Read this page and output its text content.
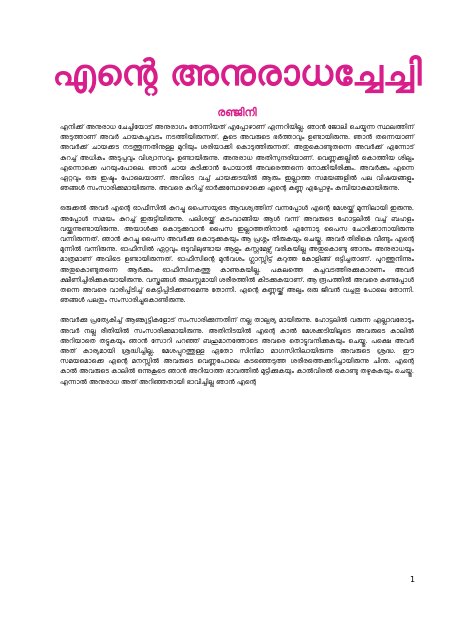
എന്റെ അനുരാധച്ചേച്ചി
രഞ്ജിനി

എനിക്ക് അനുരാധ ചേച്ചിയോട് അനുരാഗം തോന്നിയത് എപ്പോഴാണ് എന്നറിയില്ല. ഞാൻ ജോലി ചെയ്യുന്ന സ്ഥലത്തിന് അടുത്താണ് അവർ ചായകച്ചവടം നടത്തിയിരുന്നത്. കൂടെ അവരുടെ ഭർത്താവും ഉണ്ടായിരുന്നു. ഞാൻ തന്നെയാണ് അവർക്ക് ചായക്കട നടത്തുന്നതിനുള്ള മുറിയും ശരിയാക്കി കൊടുത്തിരുന്നത്. അതുകൊണ്ടുതന്നെ അവർക്ക് എന്നോട് കുറച്ച് അധികം അടുപ്പവും വിശ്വാസവും ഉണ്ടായിരുന്നു. അനുരാധ അതിസുന്ദരിയാണ്. വെണ്ണക്കല്ലിൽ കൊത്തിയ ശില്പം എന്നൊക്കെ പറയുംപോലെ. ഞാൻ ചായ കുടിക്കാൻ പോയാൽ അവരെത്തന്നെ നോക്കിയിരിക്കും. അവർക്കും എന്നെ ഏറ്റവും ഒരു ഇഷ്ടം പോലെയാണ്. അവിടെ വച്ച് ചായക്കടയിൽ ആരും ഇല്ലാത്ത സമയങ്ങളിൽ പല വിഷയങ്ങളും ഞങ്ങൾ സംസാരിക്കുമായിരുന്നു. അവരെ കുറിച്ച് ഓർക്കുമ്പോഴൊക്കെ എന്റെ കുണ്ണ എപ്പോഴും കമ്പിയാകുമായിരുന്നു.

ഒരുക്കൽ അവർ എന്റെ ഓഫീസിൽ കുറച്ചു പൈസയുടെ ആവശ്യത്തിന് വന്നപ്പോൾ എന്റെ മേശയ്ക്ക് മുന്നിലായി ഇരുന്നു. അപ്പോൾ സമയം കുറച്ച് ഇരുട്ടിയിരുന്നു. പലിശയ്ക്ക് കടംവാങ്ങിയ ആൾ വന്ന് അവരുടെ ഹോട്ടലിൽ വച്ച് ബഹളം വയ്ക്കുന്നുണ്ടായിരുന്നു. അയാൾക്കു കൊടുക്കുവാൻ പൈസ ഇല്ലാത്തതിനാൽ എന്നോടു പൈസ ചോദിക്കാനായിരുന്നു വന്നിരുന്നത്. ഞാൻ കുറച്ചു പൈസ അവർക്കു കൊടുക്കുകയും ആ പ്രശ്നം തീരുകയും ചെയ്തു. അവർ തിരികെ വീണ്ടും എന്റെ മുന്നിൽ വന്നിരുന്നു. ഓഫീസിൽ ഏറ്റവും ഒടുവിലുണ്ടായ ആളും കസ്റ്റമേഴ്സ് വരികയില്ല അതുകൊണ്ടു ഞാനും അനുരാധയും മാത്രമാണ് അവിടെ ഉണ്ടായിരുന്നത്. ഓഫീസിന്റെ മുൻവശം ഗ്ലാസ്സിട്ട് കറുത്ത കോളിങ്ങ് ഒട്ടിച്ചതാണ്. പുറത്തുനിന്നും അതുകൊണ്ടുതന്നെ ആർക്കും ഓഫീസിനകത്തു കാണുകയില്ല. പകലത്തെ കച്ചവടത്തിരക്കുകാരണം അവർ ക്ഷീണിച്ചിരിക്കുകയായിരുന്നു. വസ്ത്രങ്ങൾ അലസ്സമായി ശരീരത്തിൽ കിടക്കുകയാണ്. ആ രൂപത്തിൽ അവരെ കണ്ടപ്പോൾ തന്നെ അവരെ വാരിപ്പിടിച്ച് കെട്ടിപ്പിടിക്കണമെന്നു തോന്നി. എന്റെ കുണ്ണയ്ക്ക് അല്പം ഒരു ജീവൻ വച്ചതു പോലെ തോന്നി. ഞങ്ങൾ പലതും സംസാരിച്ചുകൊണ്ടിരുന്നു.

അവർക്കു പ്രത്യേകിച്ച് ആണ്കുട്ടികളോട് സംസാരിക്കുന്നതിന് നല്ല താല്പര്യ മായിരുന്നു. ഹോട്ടലിൽ വരുന്ന എല്ലാവരോടും അവർ നല്ല രീതിയിൽ സംസാരിക്കുമായിരുന്നു. അതിനിടയിൽ എന്റെ കാൽ മേശക്കടിയിലൂടെ അവരുടെ കാലിൽ അറിയാതെ തട്ടുകയും ഞാൻ സോറി പറഞ്ഞ് ബഹുമാനത്തോടെ അവരെ തൊട്ടുവന്ദിക്കുകയും ചെയ്തു. പക്ഷെ അവർ അത് കാര്യമായി ശ്രദ്ധിച്ചില്ല. മേശപ്പുറത്തുള്ള ഏതോ സിനിമാ മാഗസിനിലായിരുന്നു അവരുടെ ശ്രദ്ധ. ഈ സമയമൊക്കെ എന്റെ മനസ്സിൽ അവരുടെ വെണ്ണപോലെ കടഞ്ഞെടുത്ത ശരീരത്തെക്കുറിച്ചായിരുന്നു ചിന്ത. എന്റെ കാൽ അവരുടെ കാലിൽ ഒന്നുകൂടെ ഞാൻ അറിയാത്ത ഭാവത്തിൽ മുട്ടിക്കുകയും കാൽവിരൽ കൊണ്ടു തഴുകുകയും ചെയ്തു. എന്നാൽ അനുരാധ അത് അറിഞ്ഞതായി ഭാവിച്ചില്ല ഞാൻ എന്റെ

1
